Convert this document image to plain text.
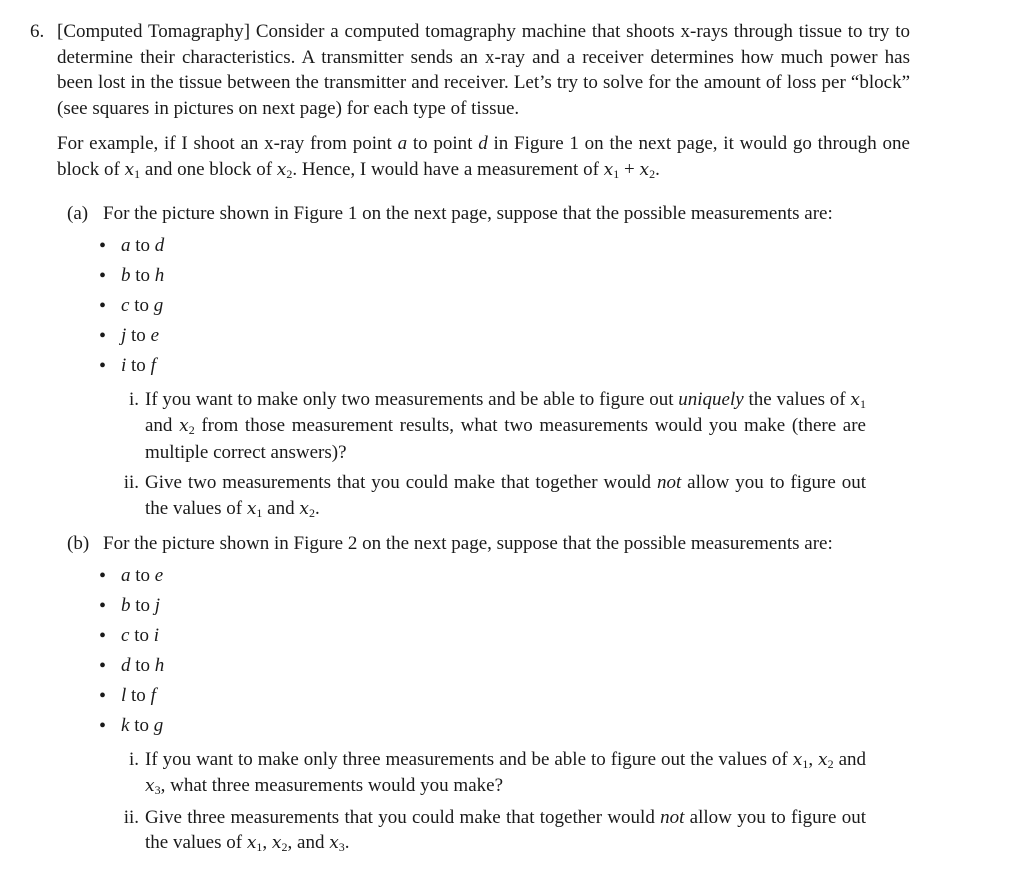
6. [Computed Tomagraphy] Consider a computed tomagraphy machine that shoots x-rays through tissue to try to determine their characteristics. A transmitter sends an x-ray and a receiver determines how much power has been lost in the tissue between the transmitter and receiver. Let’s try to solve for the amount of loss per “block” (see squares in pictures on next page) for each type of tissue.

For example, if I shoot an x-ray from point a to point d in Figure 1 on the next page, it would go through one block of $x_1$ and one block of $x_2$. Hence, I would have a measurement of $x_1 + x_2$.

(a) For the picture shown in Figure 1 on the next page, suppose that the possible measurements are:
• a to d
• b to h
• c to g
• j to e
• i to f
i. If you want to make only two measurements and be able to figure out uniquely the values of $x_1$ and $x_2$ from those measurement results, what two measurements would you make (there are multiple correct answers)?
ii. Give two measurements that you could make that together would not allow you to figure out the values of $x_1$ and $x_2$.
(b) For the picture shown in Figure 2 on the next page, suppose that the possible measurements are:
• a to e
• b to j
• c to i
• d to h
• l to f
• k to g
i. If you want to make only three measurements and be able to figure out the values of $x_1$, $x_2$ and $x_3$, what three measurements would you make?
ii. Give three measurements that you could make that together would not allow you to figure out the values of $x_1$, $x_2$, and $x_3$.
